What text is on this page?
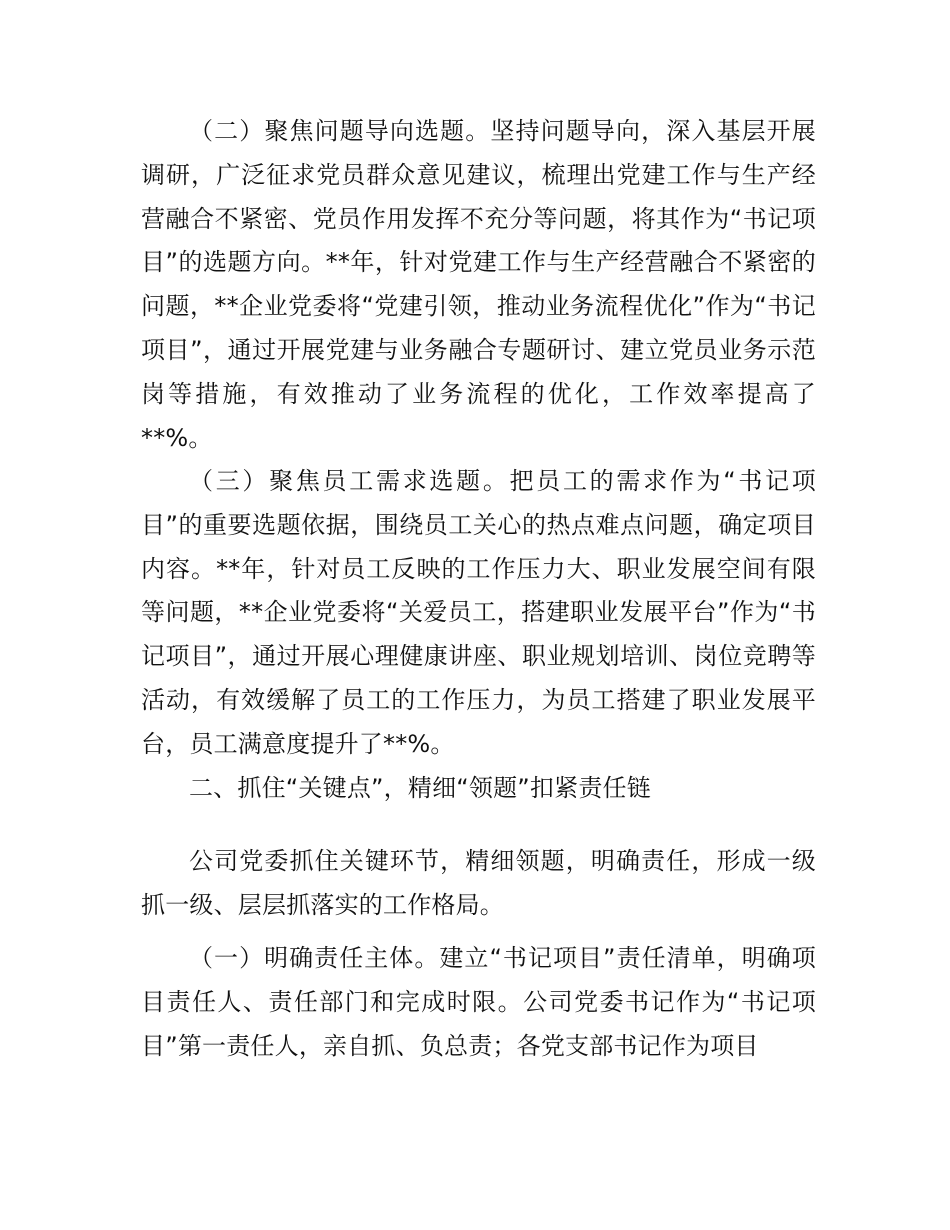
（二）聚焦问题导向选题。坚持问题导向，深入基层开展调研，广泛征求党员群众意见建议，梳理出党建工作与生产经营融合不紧密、党员作用发挥不充分等问题，将其作为“书记项目”的选题方向。**年，针对党建工作与生产经营融合不紧密的问题，**企业党委将“党建引领，推动业务流程优化”作为“书记项目”，通过开展党建与业务融合专题研讨、建立党员业务示范岗等措施，有效推动了业务流程的优化，工作效率提高了**%。

（三）聚焦员工需求选题。把员工的需求作为“书记项目”的重要选题依据，围绕员工关心的热点难点问题，确定项目内容。**年，针对员工反映的工作压力大、职业发展空间有限等问题，**企业党委将“关爱员工，搭建职业发展平台”作为“书记项目”，通过开展心理健康讲座、职业规划培训、岗位竞聘等活动，有效缓解了员工的工作压力，为员工搭建了职业发展平台，员工满意度提升了**%。

二、抓住“关键点”，精细“领题”扣紧责任链

公司党委抓住关键环节，精细领题，明确责任，形成一级抓一级、层层抓落实的工作格局。

（一）明确责任主体。建立“书记项目”责任清单，明确项目责任人、责任部门和完成时限。公司党委书记作为“书记项目”第一责任人，亲自抓、负总责；各党支部书记作为项目
